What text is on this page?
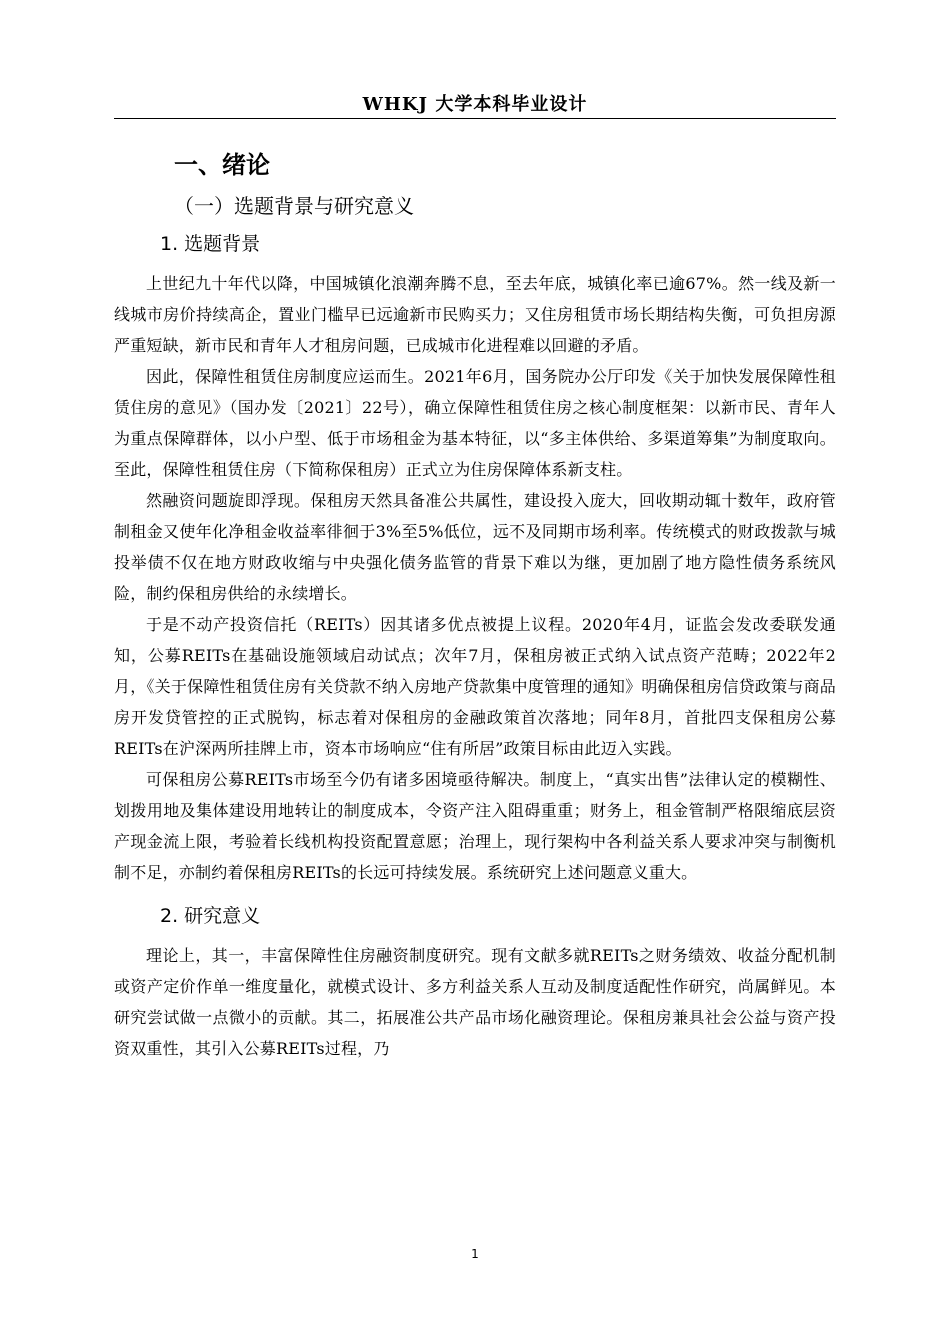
WHKJ 大学本科毕业设计
一、绪论
（一）选题背景与研究意义
1. 选题背景

上世纪九十年代以降，中国城镇化浪潮奔腾不息，至去年底，城镇化率已逾67%。然一线及新一线城市房价持续高企，置业门槛早已远逾新市民购买力；又住房租赁市场长期结构失衡，可负担房源严重短缺，新市民和青年人才租房问题，已成城市化进程难以回避的矛盾。

因此，保障性租赁住房制度应运而生。2021年6月，国务院办公厅印发《关于加快发展保障性租赁住房的意见》（国办发〔2021〕22号），确立保障性租赁住房之核心制度框架：以新市民、青年人为重点保障群体，以小户型、低于市场租金为基本特征，以“多主体供给、多渠道筹集”为制度取向。至此，保障性租赁住房（下简称保租房）正式立为住房保障体系新支柱。

然融资问题旋即浮现。保租房天然具备准公共属性，建设投入庞大，回收期动辄十数年，政府管制租金又使年化净租金收益率徘徊于3%至5%低位，远不及同期市场利率。传统模式的财政拨款与城投举债不仅在地方财政收缩与中央强化债务监管的背景下难以为继，更加剧了地方隐性债务系统风险，制约保租房供给的永续增长。

于是不动产投资信托（REITs）因其诸多优点被提上议程。2020年4月，证监会发改委联发通知，公募REITs在基础设施领域启动试点；次年7月，保租房被正式纳入试点资产范畴；2022年2月，《关于保障性租赁住房有关贷款不纳入房地产贷款集中度管理的通知》明确保租房信贷政策与商品房开发贷管控的正式脱钩，标志着对保租房的金融政策首次落地；同年8月，首批四支保租房公募REITs在沪深两所挂牌上市，资本市场响应“住有所居”政策目标由此迈入实践。

可保租房公募REITs市场至今仍有诸多困境亟待解决。制度上，“真实出售”法律认定的模糊性、划拨用地及集体建设用地转让的制度成本，令资产注入阻碍重重；财务上，租金管制严格限缩底层资产现金流上限，考验着长线机构投资配置意愿；治理上，现行架构中各利益关系人要求冲突与制衡机制不足，亦制约着保租房REITs的长远可持续发展。系统研究上述问题意义重大。

2. 研究意义

理论上，其一，丰富保障性住房融资制度研究。现有文献多就REITs之财务绩效、收益分配机制或资产定价作单一维度量化，就模式设计、多方利益关系人互动及制度适配性作研究，尚属鲜见。本研究尝试做一点微小的贡献。其二，拓展准公共产品市场化融资理论。保租房兼具社会公益与资产投资双重性，其引入公募REITs过程，乃

1
